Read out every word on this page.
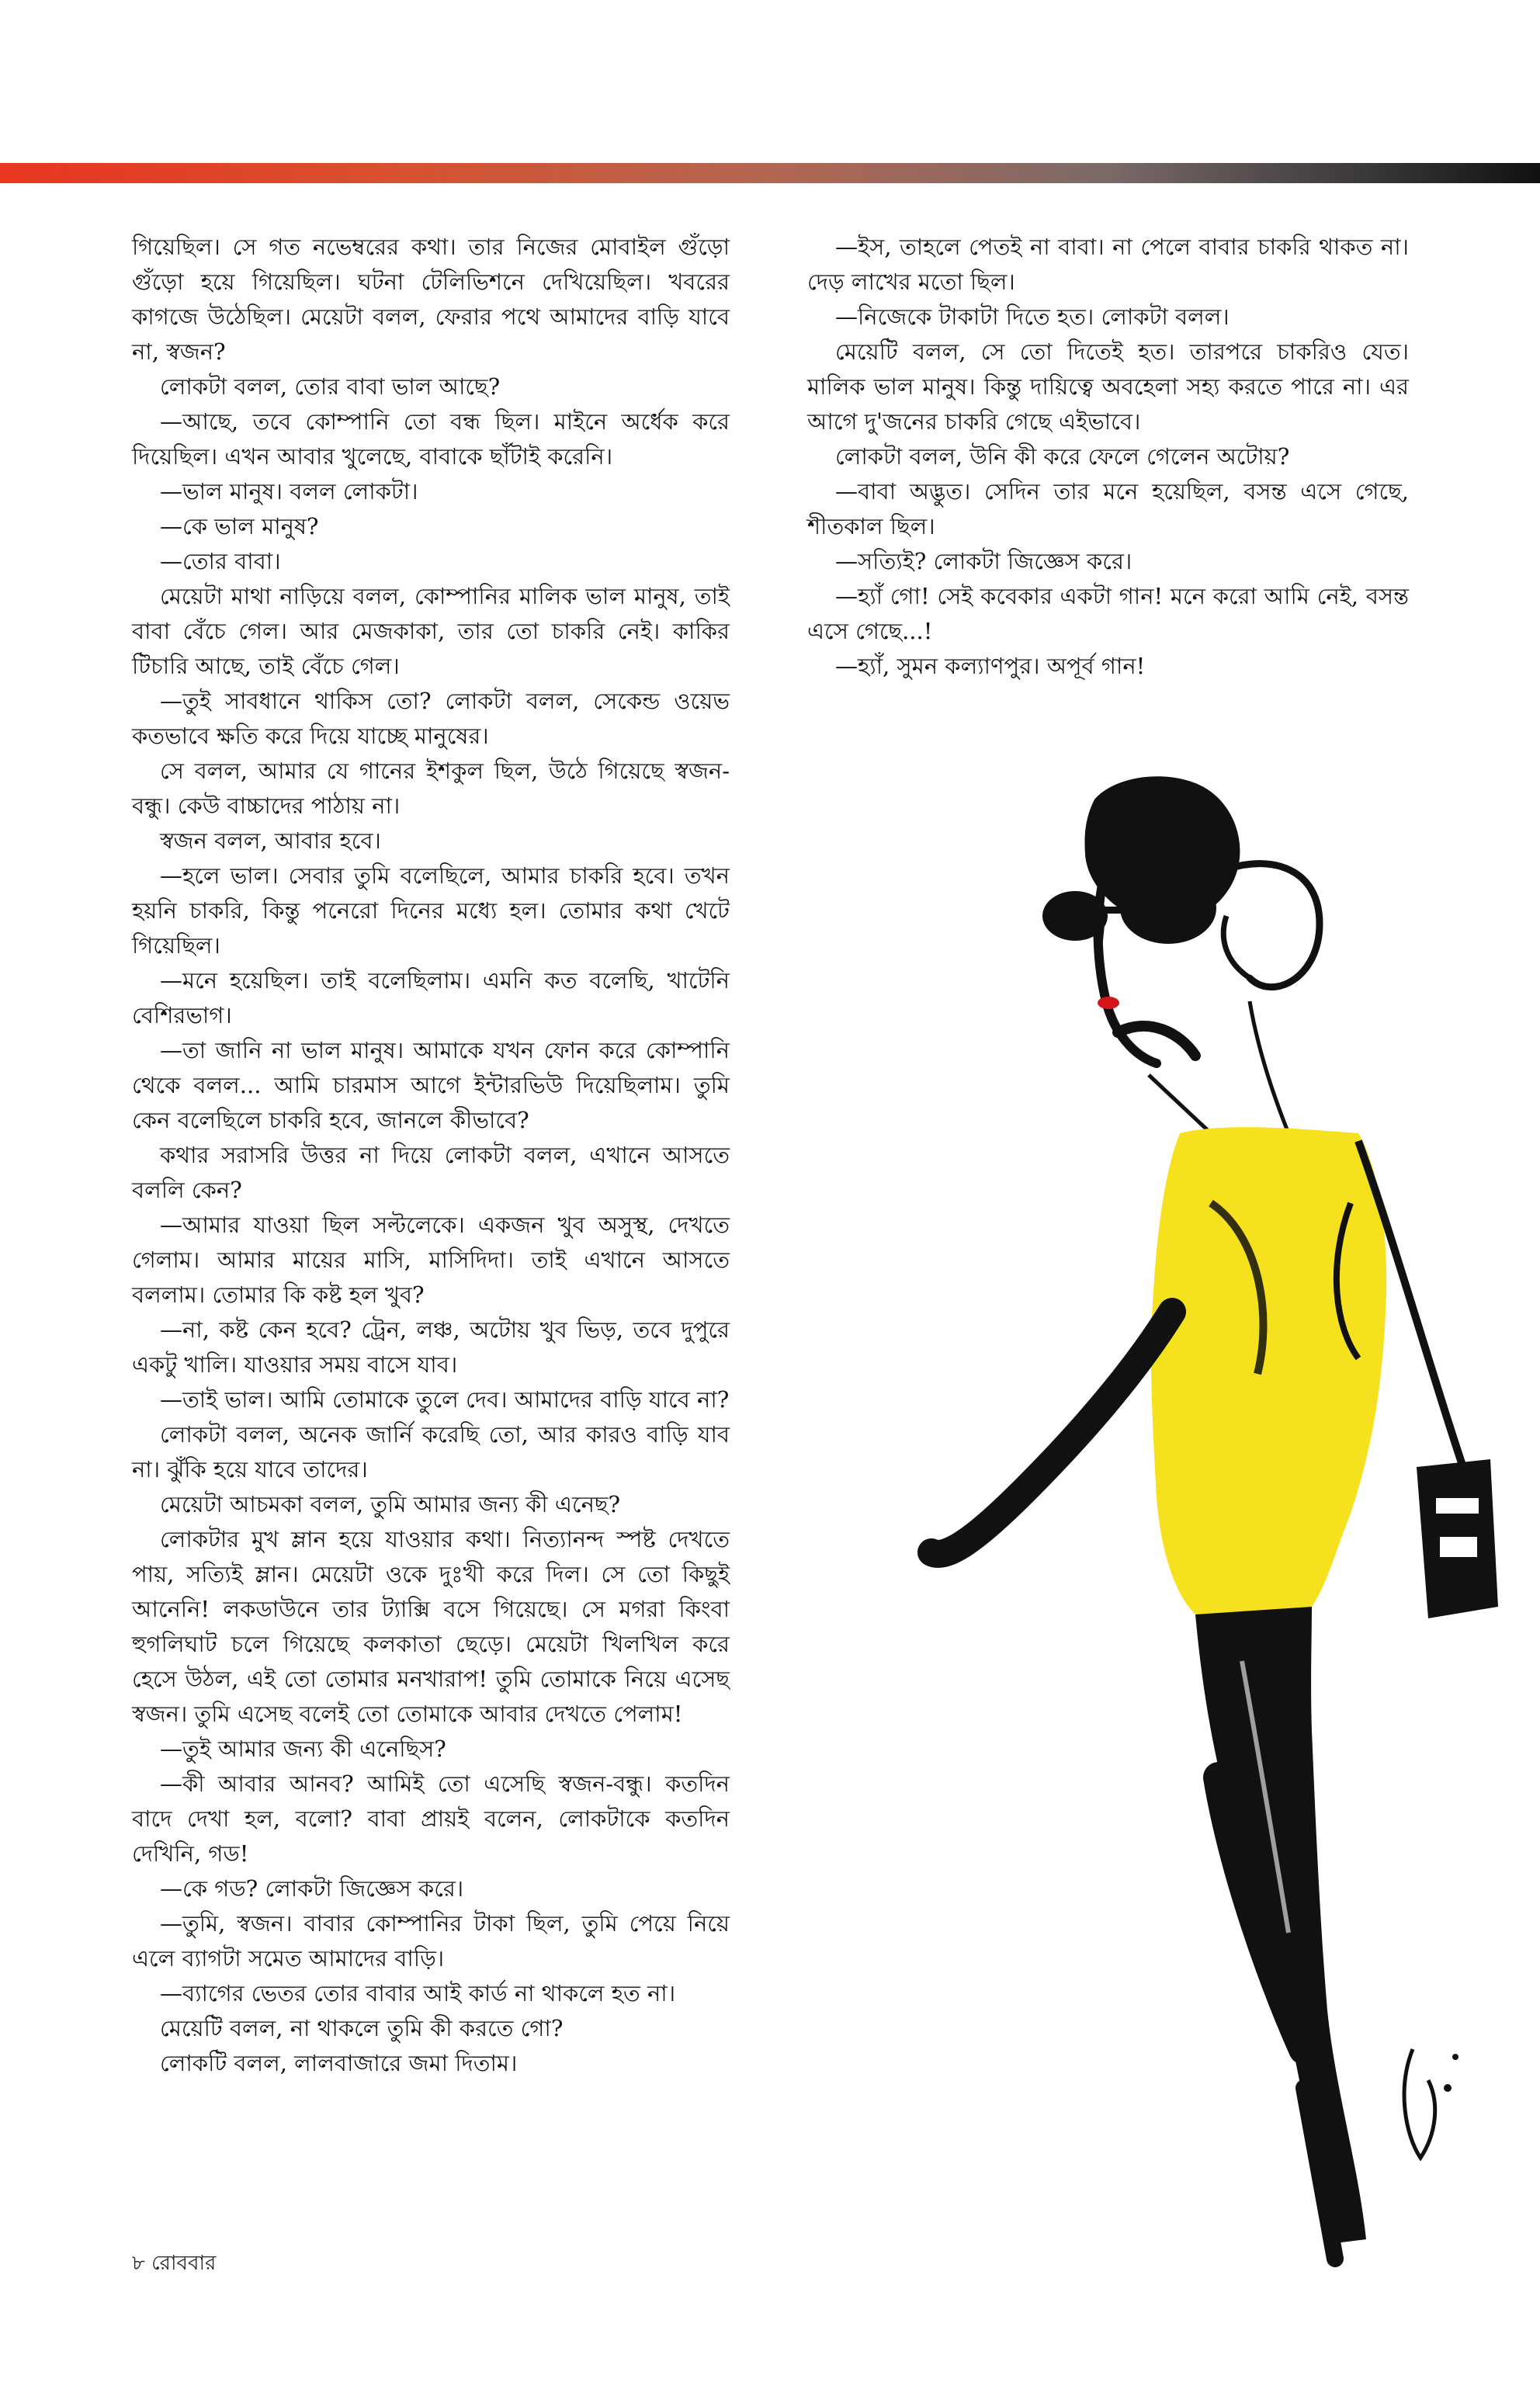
গিয়েছিল। সে গত নভেম্বরের কথা। তার নিজের মোবাইল গুঁড়ো গুঁড়ো হয়ে গিয়েছিল। ঘটনা টেলিভিশনে দেখিয়েছিল। খবরের কাগজে উঠেছিল। মেয়েটা বলল, ফেরার পথে আমাদের বাড়ি যাবে না, স্বজন?

লোকটা বলল, তোর বাবা ভাল আছে?

—আছে, তবে কোম্পানি তো বন্ধ ছিল। মাইনে অর্ধেক করে দিয়েছিল। এখন আবার খুলেছে, বাবাকে ছাঁটাই করেনি।

—ভাল মানুষ। বলল লোকটা।

—কে ভাল মানুষ?

—তোর বাবা।

মেয়েটা মাথা নাড়িয়ে বলল, কোম্পানির মালিক ভাল মানুষ, তাই বাবা বেঁচে গেল। আর মেজকাকা, তার তো চাকরি নেই। কাকির টিচারি আছে, তাই বেঁচে গেল।

—তুই সাবধানে থাকিস তো? লোকটা বলল, সেকেন্ড ওয়েভ কতভাবে ক্ষতি করে দিয়ে যাচ্ছে মানুষের।

সে বলল, আমার যে গানের ইশকুল ছিল, উঠে গিয়েছে স্বজন-বন্ধু। কেউ বাচ্চাদের পাঠায় না।

স্বজন বলল, আবার হবে।

—হলে ভাল। সেবার তুমি বলেছিলে, আমার চাকরি হবে। তখন হয়নি চাকরি, কিন্তু পনেরো দিনের মধ্যে হল। তোমার কথা খেটে গিয়েছিল।

—মনে হয়েছিল। তাই বলেছিলাম। এমনি কত বলেছি, খাটেনি বেশিরভাগ।

—তা জানি না ভাল মানুষ। আমাকে যখন ফোন করে কোম্পানি থেকে বলল... আমি চারমাস আগে ইন্টারভিউ দিয়েছিলাম। তুমি কেন বলেছিলে চাকরি হবে, জানলে কীভাবে?

কথার সরাসরি উত্তর না দিয়ে লোকটা বলল, এখানে আসতে বললি কেন?

—আমার যাওয়া ছিল সল্টলেকে। একজন খুব অসুস্থ, দেখতে গেলাম। আমার মায়ের মাসি, মাসিদিদা। তাই এখানে আসতে বললাম। তোমার কি কষ্ট হল খুব?

—না, কষ্ট কেন হবে? ট্রেন, লঞ্চ, অটোয় খুব ভিড়, তবে দুপুরে একটু খালি। যাওয়ার সময় বাসে যাব।

—তাই ভাল। আমি তোমাকে তুলে দেব। আমাদের বাড়ি যাবে না?

লোকটা বলল, অনেক জার্নি করেছি তো, আর কারও বাড়ি যাব না। ঝুঁকি হয়ে যাবে তাদের।

মেয়েটা আচমকা বলল, তুমি আমার জন্য কী এনেছ?

লোকটার মুখ ম্লান হয়ে যাওয়ার কথা। নিত্যানন্দ স্পষ্ট দেখতে পায়, সত্যিই ম্লান। মেয়েটা ওকে দুঃখী করে দিল। সে তো কিছুই আনেনি! লকডাউনে তার ট্যাক্সি বসে গিয়েছে। সে মগরা কিংবা হুগলিঘাট চলে গিয়েছে কলকাতা ছেড়ে। মেয়েটা খিলখিল করে হেসে উঠল, এই তো তোমার মনখারাপ! তুমি তোমাকে নিয়ে এসেছ স্বজন। তুমি এসেছ বলেই তো তোমাকে আবার দেখতে পেলাম!

—তুই আমার জন্য কী এনেছিস?

—কী আবার আনব? আমিই তো এসেছি স্বজন-বন্ধু। কতদিন বাদে দেখা হল, বলো? বাবা প্রায়ই বলেন, লোকটাকে কতদিন দেখিনি, গড!

—কে গড? লোকটা জিজ্ঞেস করে।

—তুমি, স্বজন। বাবার কোম্পানির টাকা ছিল, তুমি পেয়ে নিয়ে এলে ব্যাগটা সমেত আমাদের বাড়ি।

—ব্যাগের ভেতর তোর বাবার আই কার্ড না থাকলে হত না।

মেয়েটি বলল, না থাকলে তুমি কী করতে গো?

লোকটি বলল, লালবাজারে জমা দিতাম।

—ইস, তাহলে পেতই না বাবা। না পেলে বাবার চাকরি থাকত না। দেড় লাখের মতো ছিল।

—নিজেকে টাকাটা দিতে হত। লোকটা বলল।

মেয়েটি বলল, সে তো দিতেই হত। তারপরে চাকরিও যেত। মালিক ভাল মানুষ। কিন্তু দায়িত্বে অবহেলা সহ্য করতে পারে না। এর আগে দু'জনের চাকরি গেছে এইভাবে।

লোকটা বলল, উনি কী করে ফেলে গেলেন অটোয়?

—বাবা অদ্ভুত। সেদিন তার মনে হয়েছিল, বসন্ত এসে গেছে, শীতকাল ছিল।

—সত্যিই? লোকটা জিজ্ঞেস করে।

—হ্যাঁ গো! সেই কবেকার একটা গান! মনে করো আমি নেই, বসন্ত এসে গেছে...!

—হ্যাঁ, সুমন কল্যাণপুর। অপূর্ব গান!

৮ রোববার
